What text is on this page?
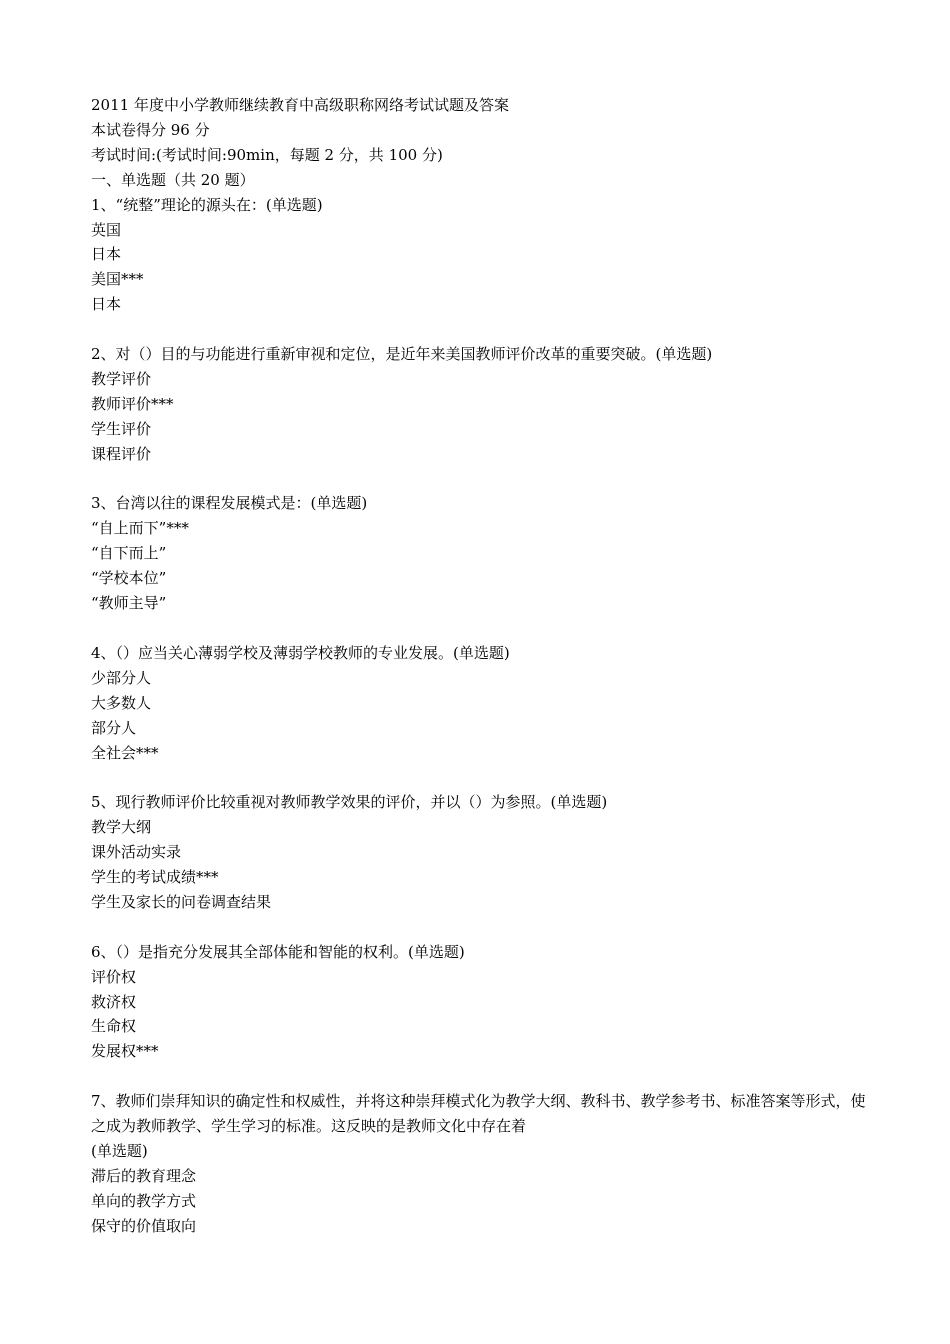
2011 年度中小学教师继续教育中高级职称网络考试试题及答案
本试卷得分 96 分
考试时间:(考试时间:90min，每题 2 分，共 100 分)
一、单选题（共 20 题）
1、“统整”理论的源头在：(单选题)
英国
日本
美国***
日本
2、对（）目的与功能进行重新审视和定位，是近年来美国教师评价改革的重要突破。(单选题)
教学评价
教师评价***
学生评价
课程评价
3、台湾以往的课程发展模式是：(单选题)
“自上而下”***
“自下而上”
“学校本位”
“教师主导”
4、（）应当关心薄弱学校及薄弱学校教师的专业发展。(单选题)
少部分人
大多数人
部分人
全社会***
5、现行教师评价比较重视对教师教学效果的评价，并以（）为参照。(单选题)
教学大纲
课外活动实录
学生的考试成绩***
学生及家长的问卷调查结果
6、（）是指充分发展其全部体能和智能的权利。(单选题)
评价权
救济权
生命权
发展权***
7、教师们崇拜知识的确定性和权威性，并将这种崇拜模式化为教学大纲、教科书、教学参考书、标准答案等形式，使之成为教师教学、学生学习的标准。这反映的是教师文化中存在着
(单选题)
滞后的教育理念
单向的教学方式
保守的价值取向
